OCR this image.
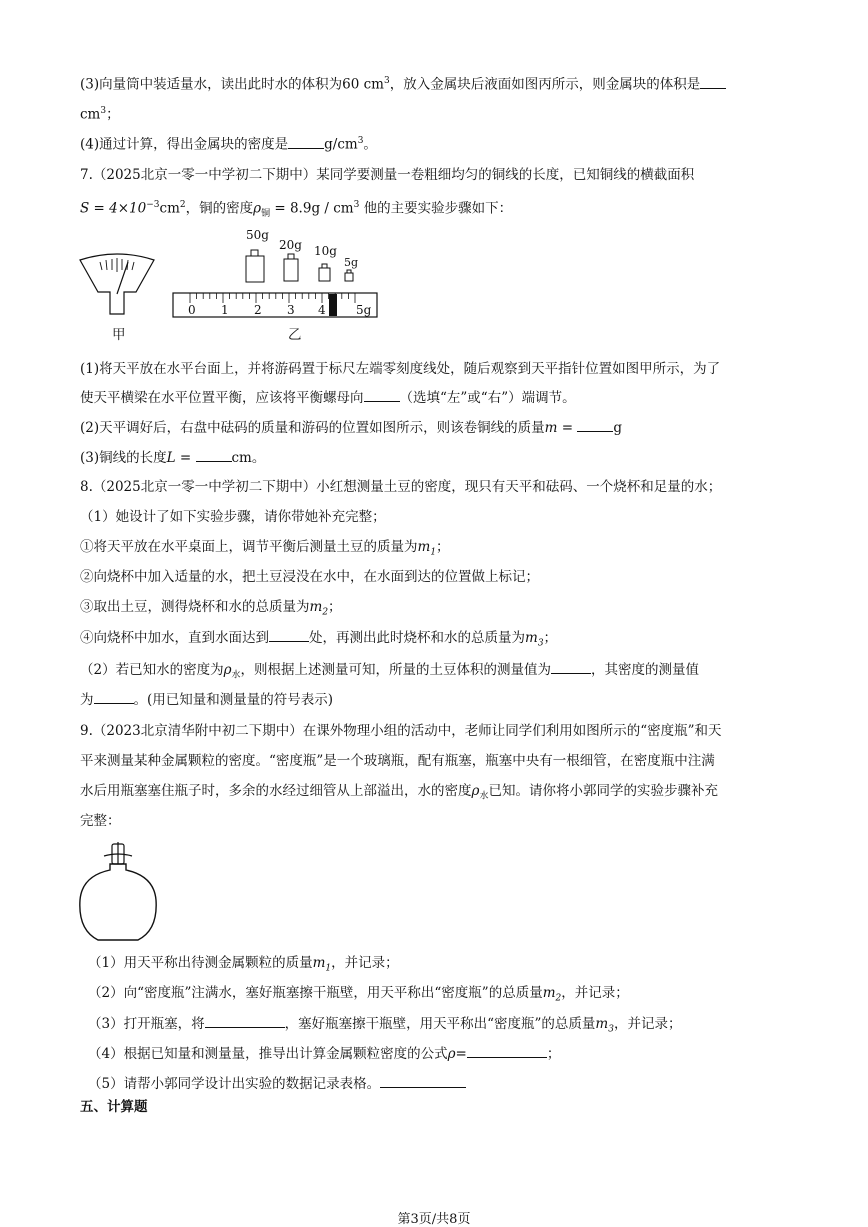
(3)向量筒中装适量水，读出此时水的体积为60 $cm^3$，放入金属块后液面如图丙所示，则金属块的体积是
$cm^3$；
(4)通过计算，得出金属块的密度是	$g/cm^3$。
7.（2025北京一零一中学初二下期中）某同学要测量一卷粗细均匀的铜线的长度，已知铜线的横截面积
$S = 4\times 10^{-3}cm^2$，铜的密度$\rho_铜 = 8.9g / cm^3$ 他的主要实验步骤如下：
甲
50g
20g 10g
5g
0 1 2 3 4	5g
乙
(1)将天平放在水平台面上，并将游码置于标尺左端零刻度线处，随后观察到天平指针位置如图甲所示，为了
使天平横梁在水平位置平衡，应该将平衡螺母向	（选填“左”或“右”）端调节。
(2)天平调好后，右盘中砝码的质量和游码的位置如图所示，则该卷铜线的质量m =	g
(3)铜线的长度L =	cm。
8.（2025北京一零一中学初二下期中）小红想测量土豆的密度，现只有天平和砝码、一个烧杯和足量的水；
（1）她设计了如下实验步骤，请你带她补充完整；
①将天平放在水平桌面上，调节平衡后测量土豆的质量为$m_1$；
②向烧杯中加入适量的水，把土豆浸没在水中，在水面到达的位置做上标记；
③取出土豆，测得烧杯和水的总质量为$m_2$；
④向烧杯中加水，直到水面达到	处，再测出此时烧杯和水的总质量为$m_3$；
（2）若已知水的密度为$\rho_水$，则根据上述测量可知，所量的土豆体积的测量值为	，其密度的测量值
为	。(用已知量和测量量的符号表示)
9.（2023北京清华附中初二下期中）在课外物理小组的活动中，老师让同学们利用如图所示的“密度瓶”和天
平来测量某种金属颗粒的密度。“密度瓶”是一个玻璃瓶，配有瓶塞，瓶塞中央有一根细管，在密度瓶中注满
水后用瓶塞塞住瓶子时，多余的水经过细管从上部溢出，水的密度$\rho_水$已知。请你将小郭同学的实验步骤补充
完整：
（1）用天平称出待测金属颗粒的质量$m_1$，并记录；
（2）向“密度瓶”注满水，塞好瓶塞擦干瓶壁，用天平称出“密度瓶”的总质量$m_2$，并记录；
（3）打开瓶塞，将	，塞好瓶塞擦干瓶壁，用天平称出“密度瓶”的总质量$m_3$，并记录；
（4）根据已知量和测量量，推导出计算金属颗粒密度的公式ρ=	；
（5）请帮小郭同学设计出实验的数据记录表格。
五、计算题
第3页/共8页
